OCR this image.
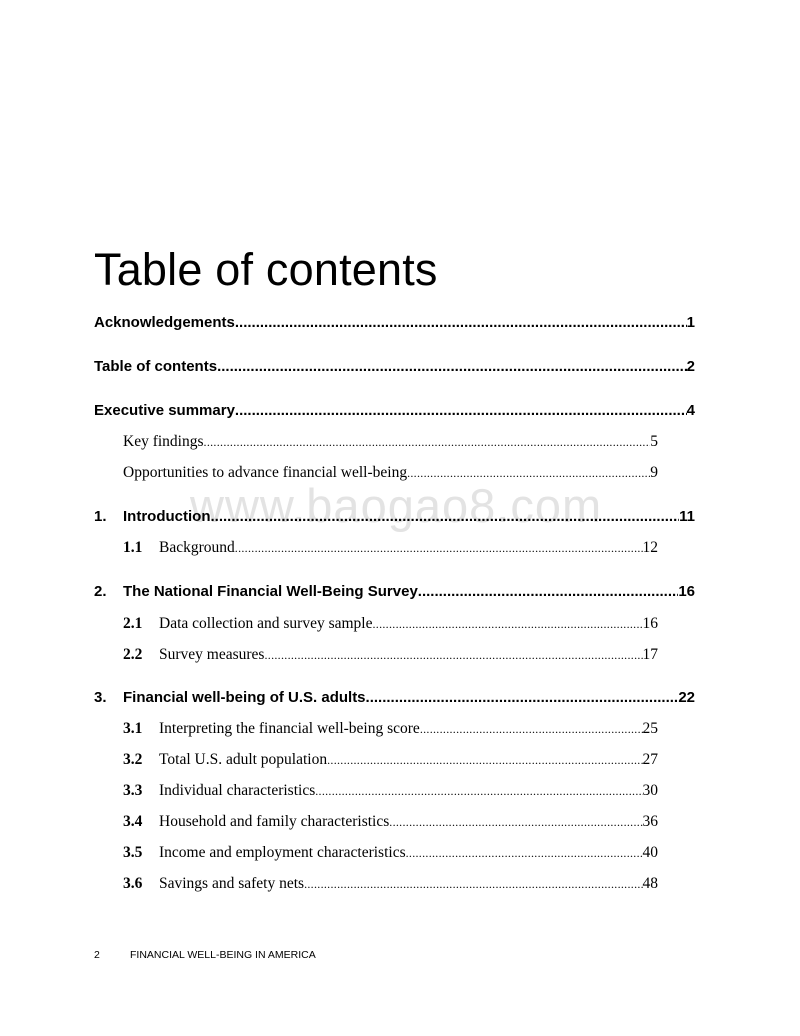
Table of contents
www.baogao8.com
Acknowledgements .....	1
Table of contents .....	2
Executive summary .....	4
Key findings .....	5
Opportunities to advance financial well-being .....	9
1.	Introduction .....	11
1.1	Background .....	12
2.	The National Financial Well-Being Survey .....	16
2.1	Data collection and survey sample .....	16
2.2	Survey measures .....	17
3.	Financial well-being of U.S. adults .....	22
3.1	Interpreting the financial well-being score .....	25
3.2	Total U.S. adult population .....	27
3.3	Individual characteristics .....	30
3.4	Household and family characteristics .....	36
3.5	Income and employment characteristics .....	40
3.6	Savings and safety nets .....	48
2	FINANCIAL WELL-BEING IN AMERICA
